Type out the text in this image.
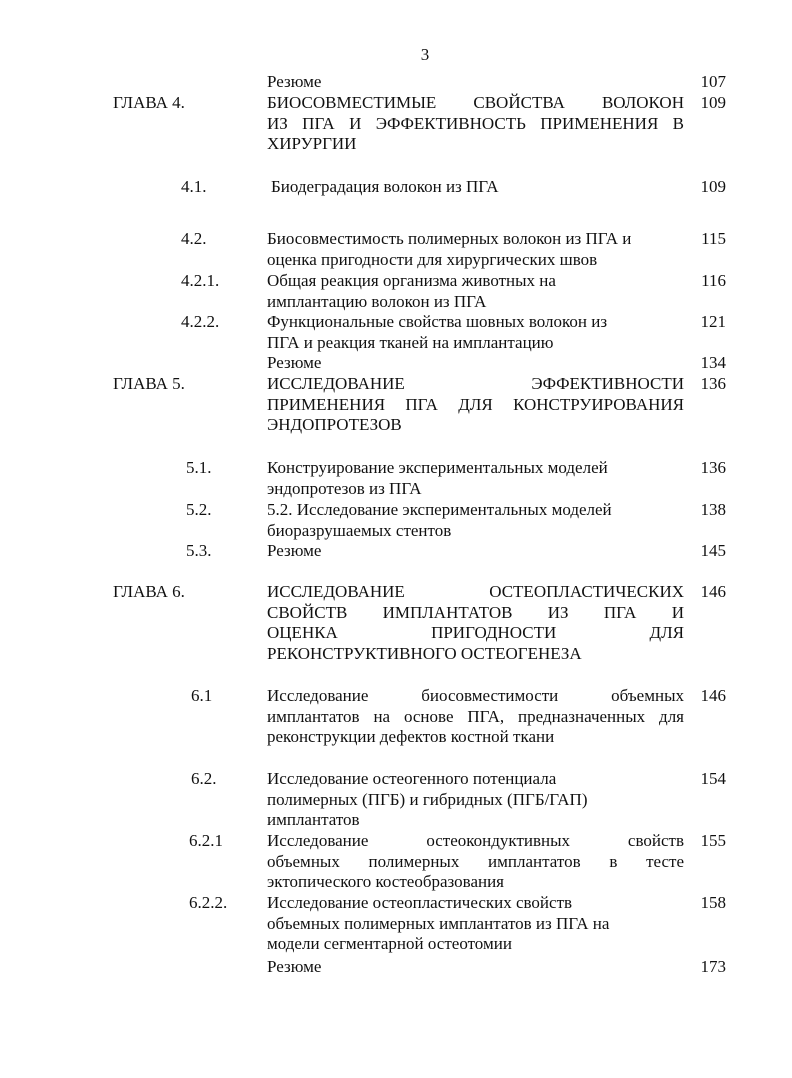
3
Резюме	107
ГЛАВА 4.	БИОСОВМЕСТИМЫЕ СВОЙСТВА ВОЛОКОН
ИЗ ПГА И ЭФФЕКТИВНОСТЬ ПРИМЕНЕНИЯ В
ХИРУРГИИ
109
4.1.	Биодеградация волокон из ПГА	109
4.2.	Биосовместимость полимерных волокон из ПГА и
оценка пригодности для хирургических швов
115
4.2.1.	Общая реакция организма животных на
имплантацию волокон из ПГА
116
4.2.2.	Функциональные свойства шовных волокон из
ПГА и реакция тканей на имплантацию
121
Резюме	134
ГЛАВА 5.	ИССЛЕДОВАНИЕ ЭФФЕКТИВНОСТИ
ПРИМЕНЕНИЯ ПГА ДЛЯ КОНСТРУИРОВАНИЯ
ЭНДОПРОТЕЗОВ
136
5.1.	Конструирование экспериментальных моделей
эндопротезов из ПГА
136
5.2.	5.2. Исследование экспериментальных моделей
биоразрушаемых стентов
138
5.3.	Резюме	145
ГЛАВА 6.	ИССЛЕДОВАНИЕ ОСТЕОПЛАСТИЧЕСКИХ
СВОЙСТВ ИМПЛАНТАТОВ ИЗ ПГА И
ОЦЕНКА ПРИГОДНОСТИ ДЛЯ
РЕКОНСТРУКТИВНОГО ОСТЕОГЕНЕЗА
146
6.1	Исследование биосовместимости объемных
имплантатов на основе ПГА, предназначенных для
реконструкции дефектов костной ткани
146
6.2.	Исследование остеогенного потенциала
полимерных (ПГБ) и гибридных (ПГБ/ГАП)
имплантатов
154
6.2.1	Исследование остеокондуктивных свойств
объемных полимерных имплантатов в тесте
эктопического костеобразования
155
6.2.2. Исследование остеопластических свойств
объемных полимерных имплантатов из ПГА на
модели сегментарной остеотомии
158
Резюме	173
